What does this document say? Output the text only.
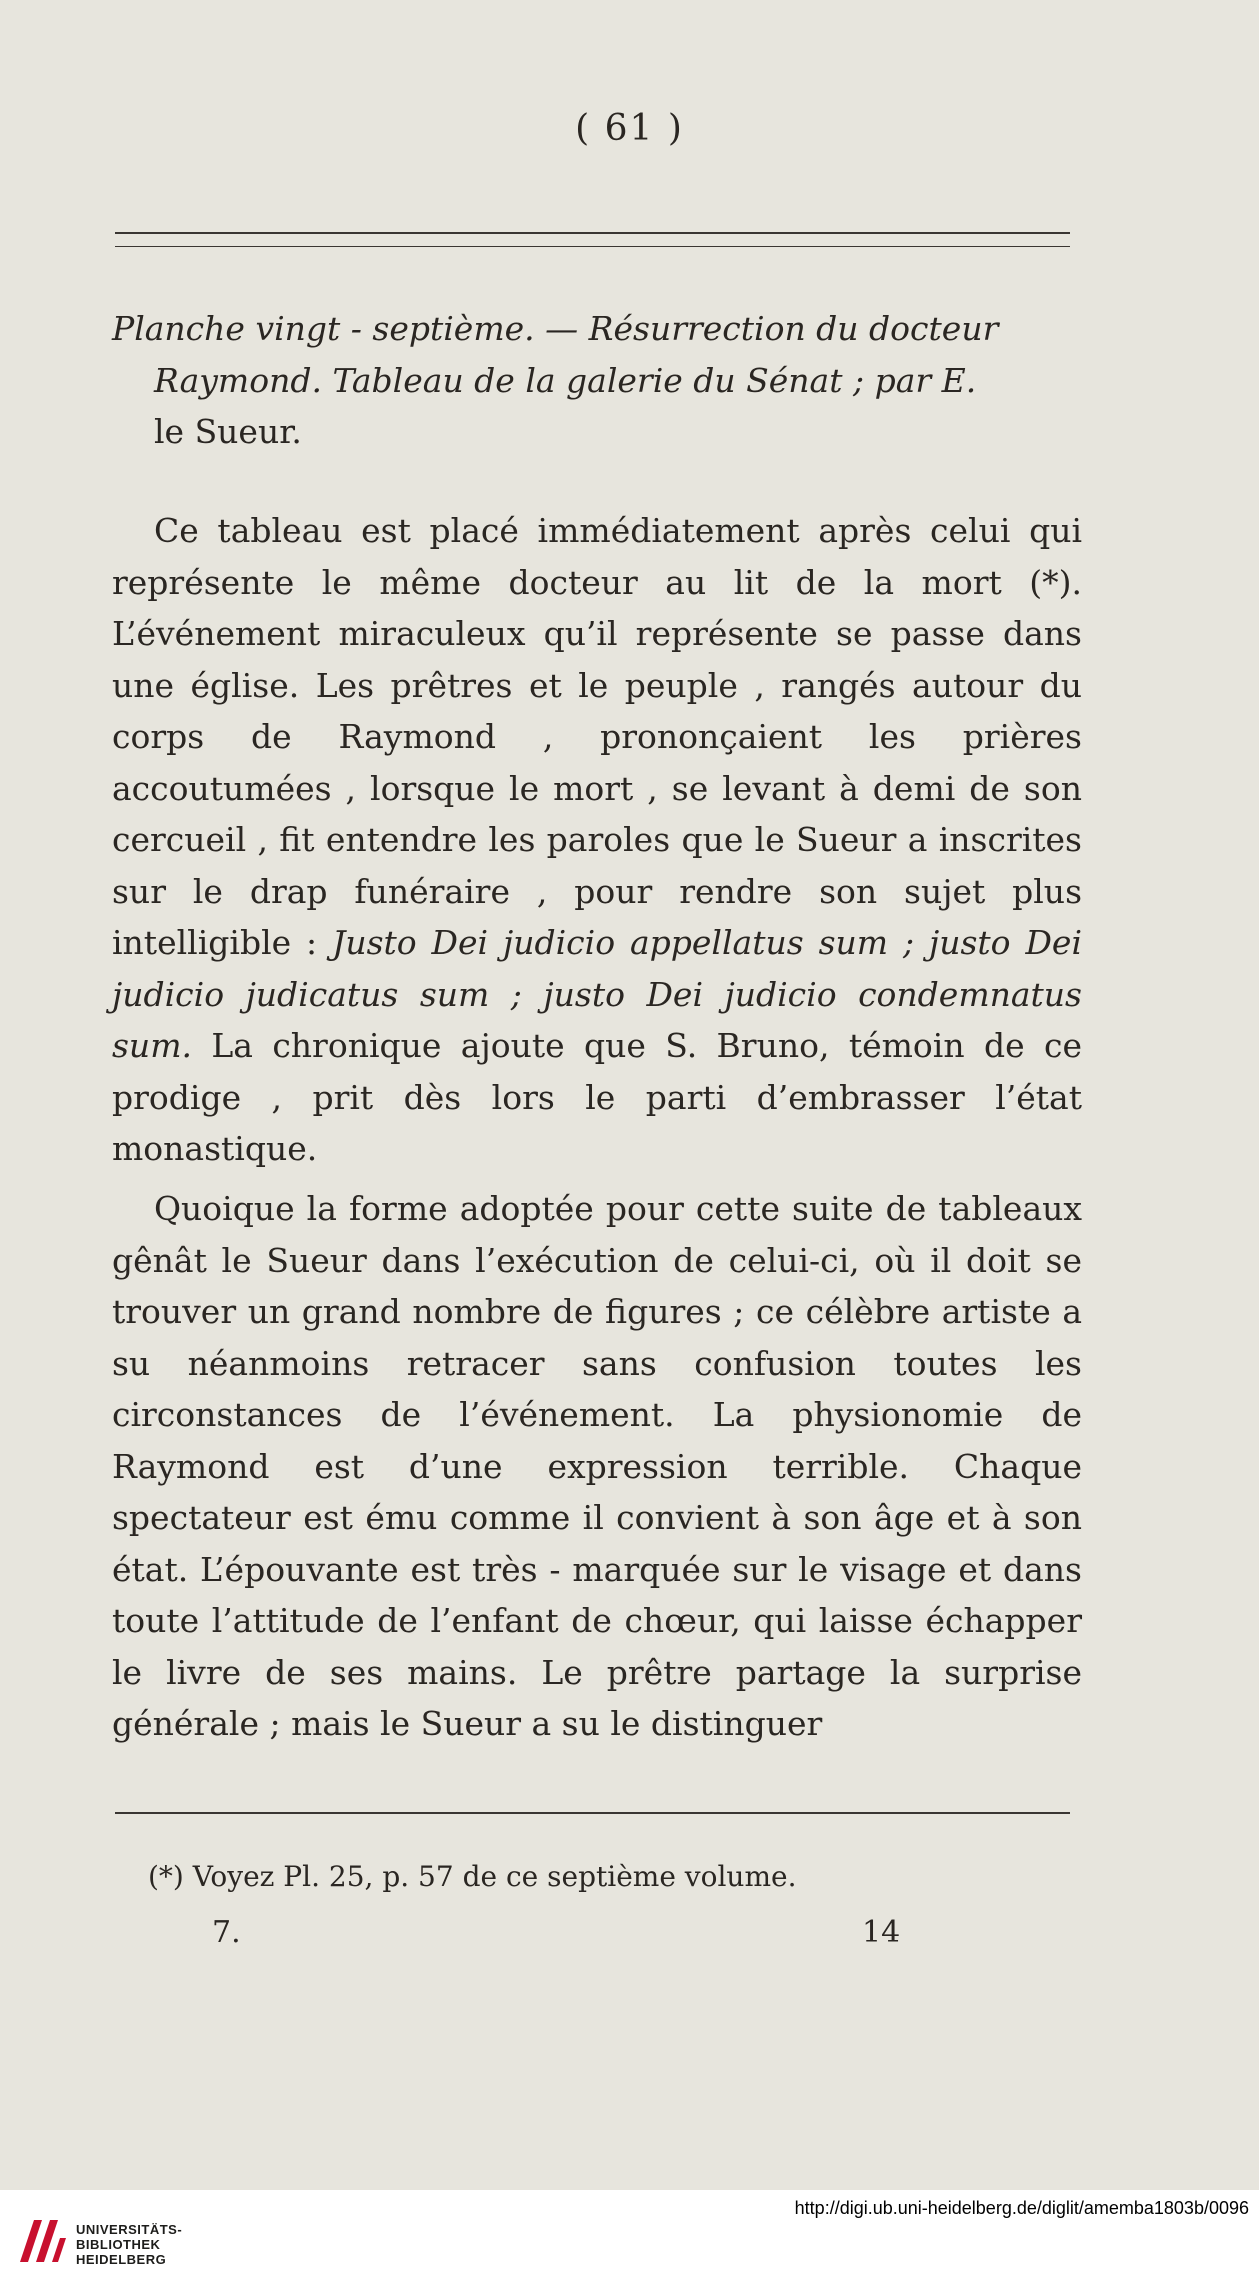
( 61 )
Planche vingt - septième. — Résurrection du docteur
Raymond. Tableau de la galerie du Sénat ; par E.
le Sueur.
Ce tableau est placé immédiatement après celui qui représente le même docteur au lit de la mort (*). L’événement miraculeux qu’il représente se passe dans une église. Les prêtres et le peuple , rangés autour du corps de Raymond , prononçaient les prières accoutumées , lorsque le mort , se levant à demi de son cercueil , fit entendre les paroles que le Sueur a inscrites sur le drap funéraire , pour rendre son sujet plus intelligible : Justo Dei judicio appellatus sum ; justo Dei judicio judicatus sum ; justo Dei judicio condemnatus sum. La chronique ajoute que S. Bruno, témoin de ce prodige , prit dès lors le parti d’embrasser l’état monastique.
Quoique la forme adoptée pour cette suite de tableaux gênât le Sueur dans l’exécution de celui-ci, où il doit se trouver un grand nombre de figures ; ce célèbre artiste a su néanmoins retracer sans confusion toutes les circonstances de l’événement. La physionomie de Raymond est d’une expression terrible. Chaque spectateur est ému comme il convient à son âge et à son état. L’épouvante est très - marquée sur le visage et dans toute l’attitude de l’enfant de chœur, qui laisse échapper le livre de ses mains. Le prêtre partage la surprise générale ; mais le Sueur a su le distinguer
(*) Voyez Pl. 25, p. 57 de ce septième volume.
7.	14
UNIVERSITÄTS-
BIBLIOTHEK
HEIDELBERG
http://digi.ub.uni-heidelberg.de/diglit/amemba1803b/0096
